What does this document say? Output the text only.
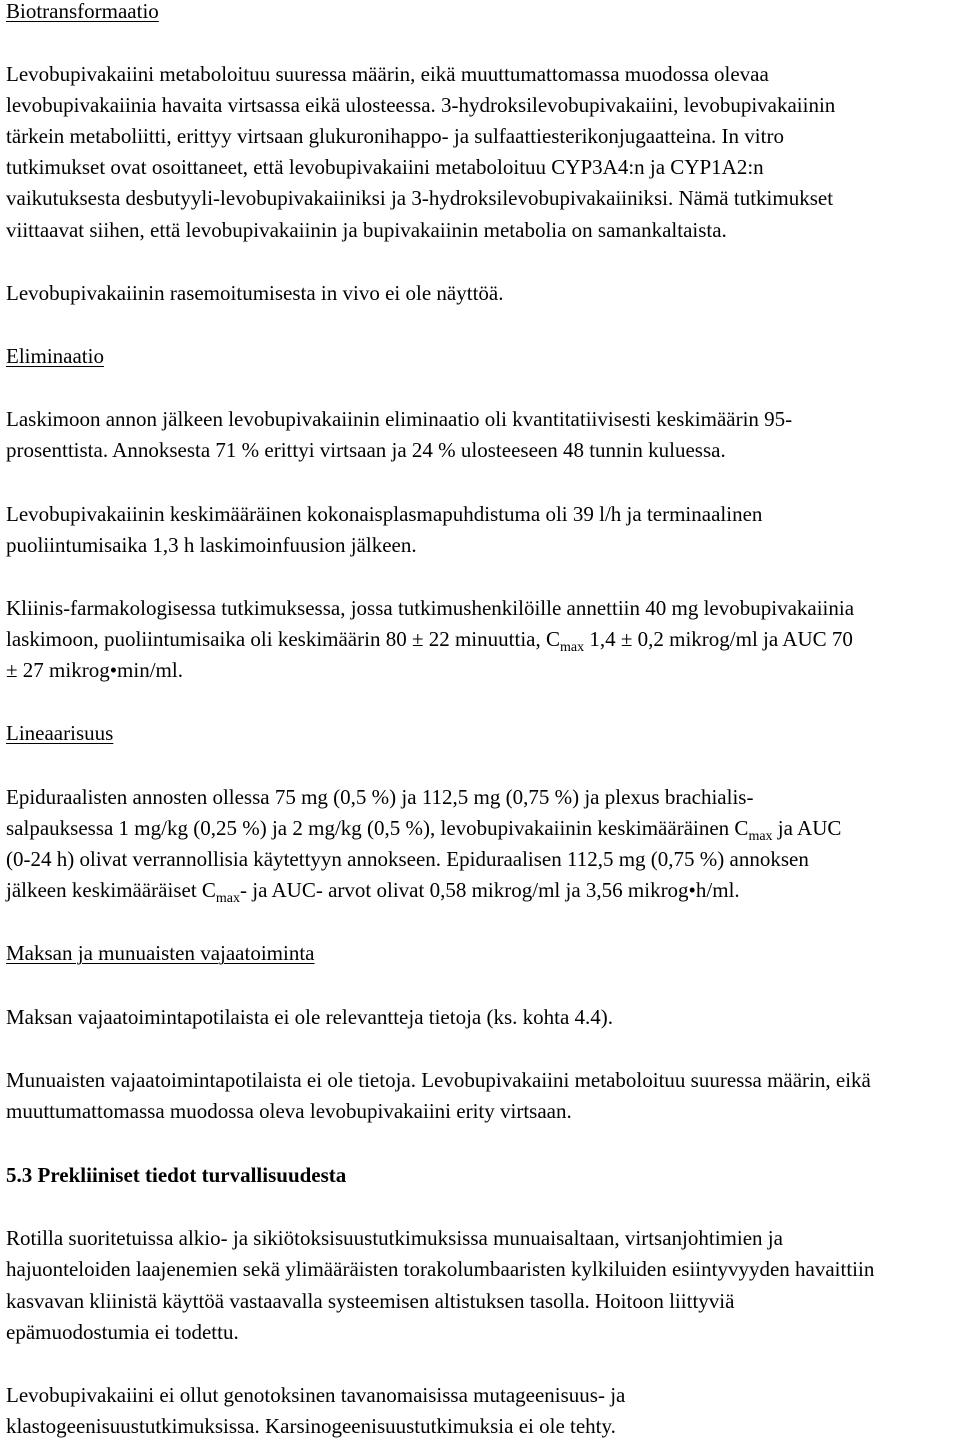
Biotransformaatio
Levobupivakaiini metaboloituu suuressa määrin, eikä muuttumattomassa muodossa olevaa
levobupivakaiinia havaita virtsassa eikä ulosteessa. 3-hydroksilevobupivakaiini, levobupivakaiinin
tärkein metaboliitti, erittyy virtsaan glukuronihappo- ja sulfaattiesterikonjugaatteina. In vitro
tutkimukset ovat osoittaneet, että levobupivakaiini metaboloituu CYP3A4:n ja CYP1A2:n
vaikutuksesta desbutyyli-levobupivakaiiniksi ja 3-hydroksilevobupivakaiiniksi. Nämä tutkimukset
viittaavat siihen, että levobupivakaiinin ja bupivakaiinin metabolia on samankaltaista.
Levobupivakaiinin rasemoitumisesta in vivo ei ole näyttöä.
Eliminaatio
Laskimoon annon jälkeen levobupivakaiinin eliminaatio oli kvantitatiivisesti keskimäärin 95-
prosenttista. Annoksesta 71 % erittyi virtsaan ja 24 % ulosteeseen 48 tunnin kuluessa.
Levobupivakaiinin keskimääräinen kokonaisplasmapuhdistuma oli 39 l/h ja terminaalinen
puoliintumisaika 1,3 h laskimoinfuusion jälkeen.
Kliinis-farmakologisessa tutkimuksessa, jossa tutkimushenkilöille annettiin 40 mg levobupivakaiinia
laskimoon, puoliintumisaika oli keskimäärin 80 ± 22 minuuttia, $C_{max}$ 1,4 ± 0,2 mikrog/ml ja AUC 70
± 27 mikrog•min/ml.
Lineaarisuus
Epiduraalisten annosten ollessa 75 mg (0,5 %) ja 112,5 mg (0,75 %) ja plexus brachialis-
salpauksessa 1 mg/kg (0,25 %) ja 2 mg/kg (0,5 %), levobupivakaiinin keskimääräinen $C_{max}$ ja AUC
(0-24 h) olivat verrannollisia käytettyyn annokseen. Epiduraalisen 112,5 mg (0,75 %) annoksen
jälkeen keskimääräiset $C_{max}-$ ja AUC- arvot olivat 0,58 mikrog/ml ja 3,56 mikrog•h/ml.
Maksan ja munuaisten vajaatoiminta
Maksan vajaatoimintapotilaista ei ole relevantteja tietoja (ks. kohta 4.4).
Munuaisten vajaatoimintapotilaista ei ole tietoja. Levobupivakaiini metaboloituu suuressa määrin, eikä
muuttumattomassa muodossa oleva levobupivakaiini erity virtsaan.
5.3 Prekliiniset tiedot turvallisuudesta
Rotilla suoritetuissa alkio- ja sikiötoksisuustutkimuksissa munuaisaltaan, virtsanjohtimien ja
hajuonteloiden laajenemien sekä ylimääräisten torakolumbaaristen kylkiluiden esiintyvyyden havaittiin
kasvavan kliinistä käyttöä vastaavalla systeemisen altistuksen tasolla. Hoitoon liittyviä
epämuodostumia ei todettu.
Levobupivakaiini ei ollut genotoksinen tavanomaisissa mutageenisuus- ja
klastogeenisuustutkimuksissa. Karsinogeenisuustutkimuksia ei ole tehty.
